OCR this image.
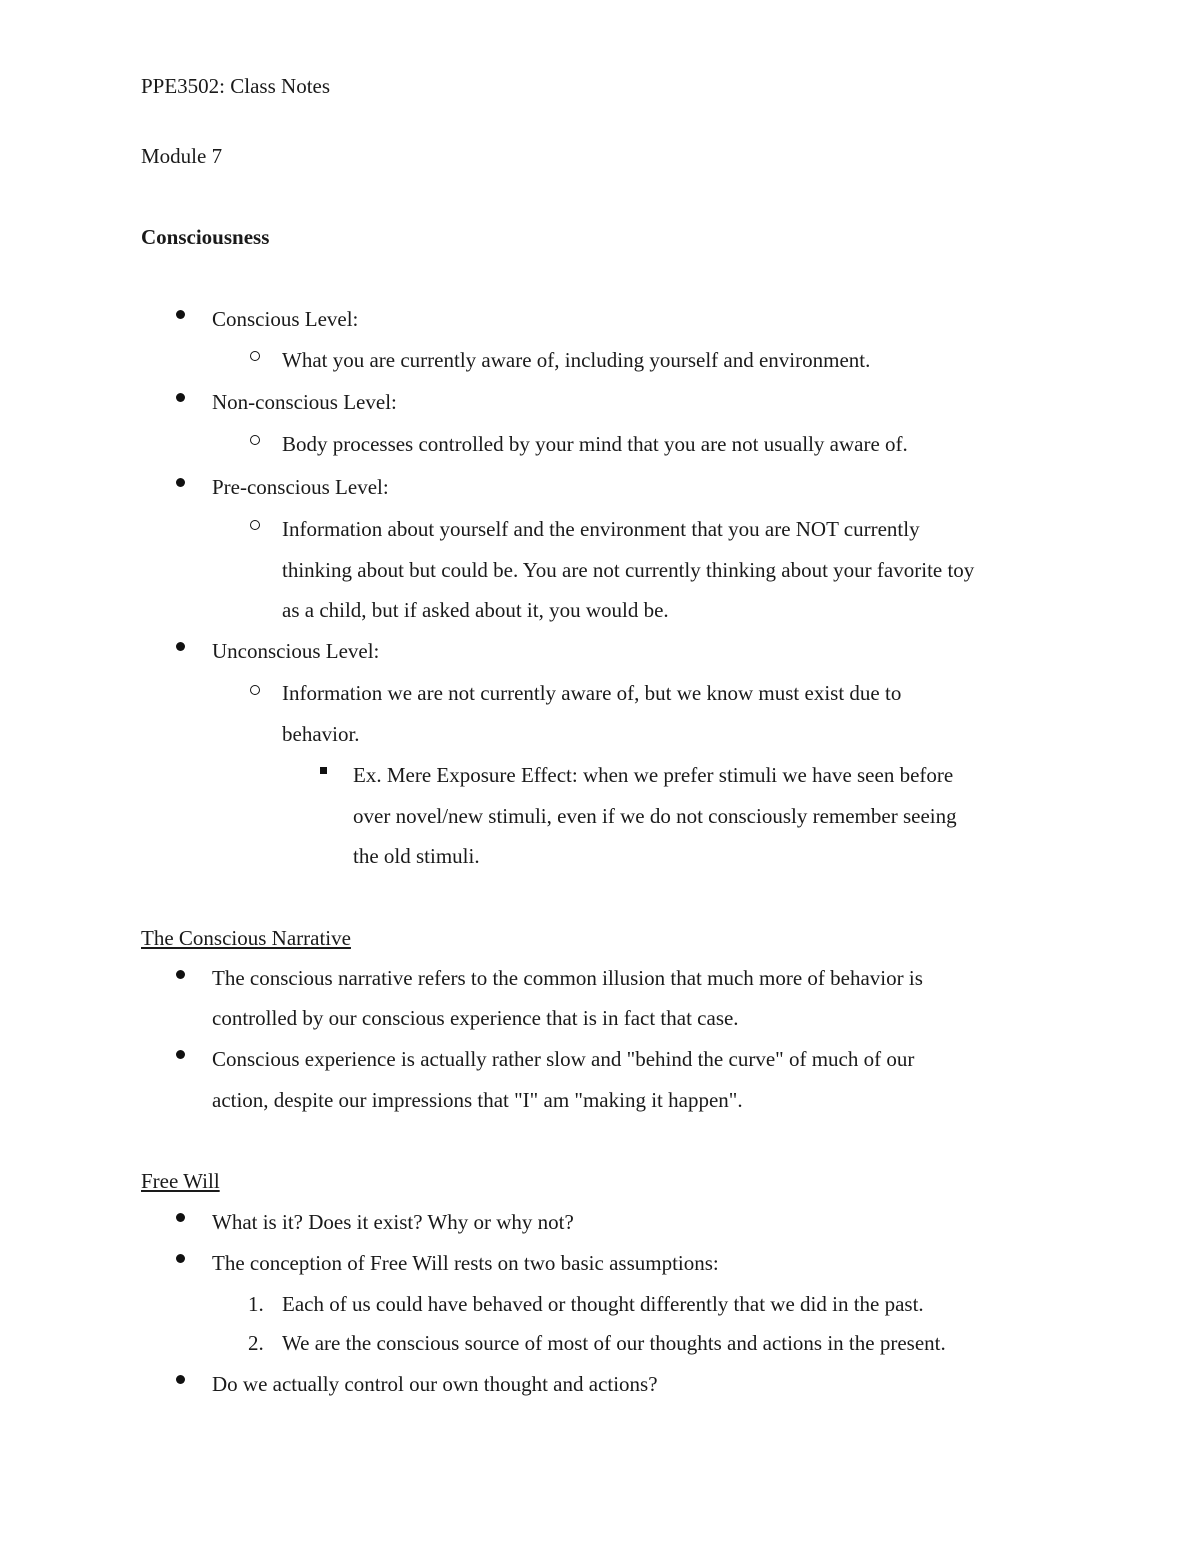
PPE3502: Class Notes
Module 7
Consciousness
Conscious Level:
What you are currently aware of, including yourself and environment.
Non-conscious Level:
Body processes controlled by your mind that you are not usually aware of.
Pre-conscious Level:
Information about yourself and the environment that you are NOT currently
thinking about but could be. You are not currently thinking about your favorite toy
as a child, but if asked about it, you would be.
Unconscious Level:
Information we are not currently aware of, but we know must exist due to
behavior.
Ex. Mere Exposure Effect: when we prefer stimuli we have seen before
over novel/new stimuli, even if we do not consciously remember seeing
the old stimuli.
The Conscious Narrative
The conscious narrative refers to the common illusion that much more of behavior is
controlled by our conscious experience that is in fact that case.
Conscious experience is actually rather slow and "behind the curve" of much of our
action, despite our impressions that "I" am "making it happen".
Free Will
What is it? Does it exist? Why or why not?
The conception of Free Will rests on two basic assumptions:
1. Each of us could have behaved or thought differently that we did in the past.
2. We are the conscious source of most of our thoughts and actions in the present.
Do we actually control our own thought and actions?
